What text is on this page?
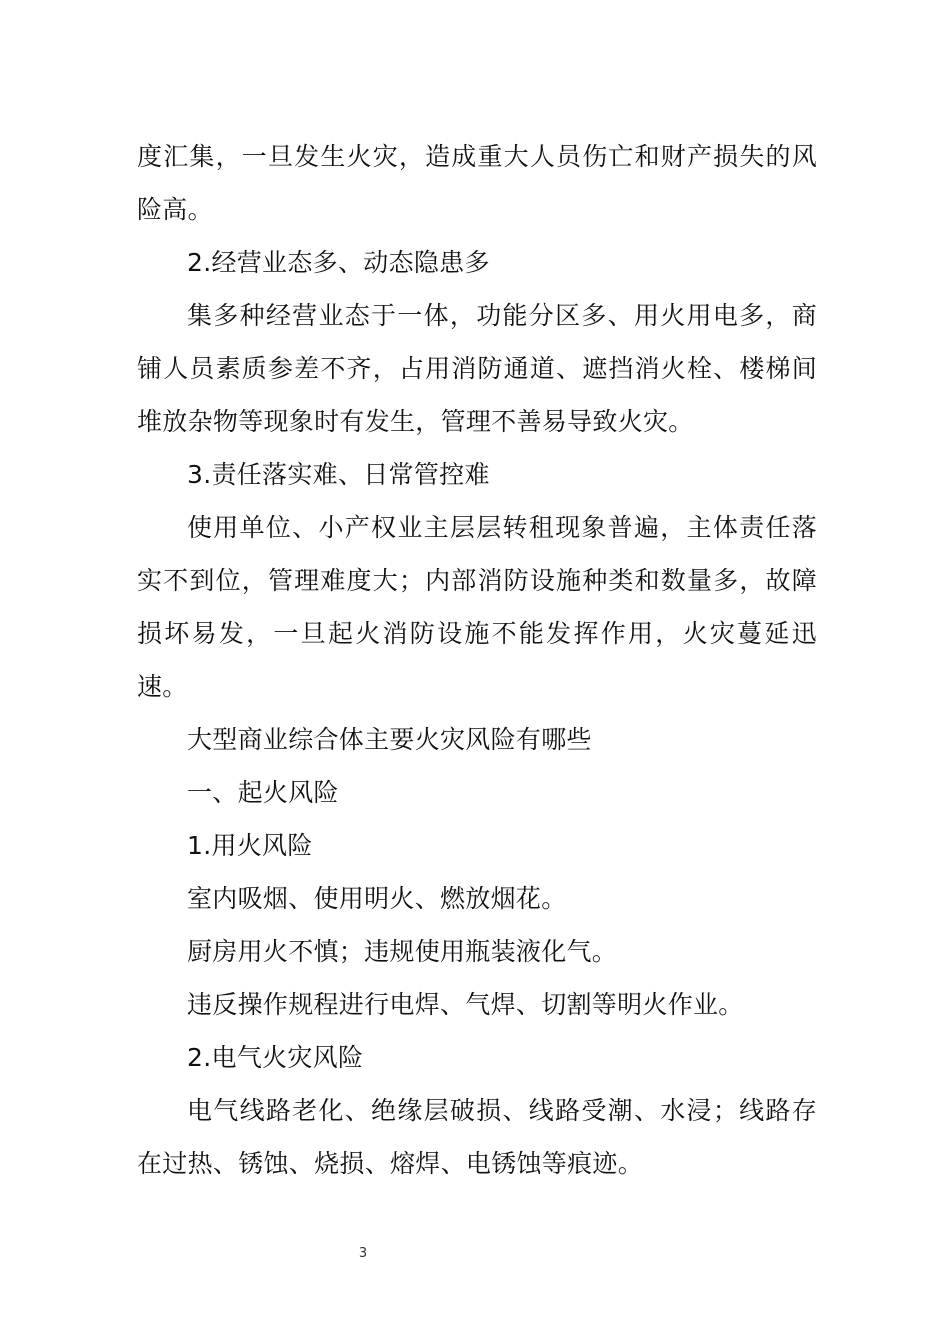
度汇集，一旦发生火灾，造成重大人员伤亡和财产损失的风
险高。
2.经营业态多、动态隐患多
集多种经营业态于一体，功能分区多、用火用电多，商
铺人员素质参差不齐，占用消防通道、遮挡消火栓、楼梯间
堆放杂物等现象时有发生，管理不善易导致火灾。
3.责任落实难、日常管控难
使用单位、小产权业主层层转租现象普遍，主体责任落
实不到位，管理难度大；内部消防设施种类和数量多，故障
损坏易发，一旦起火消防设施不能发挥作用，火灾蔓延迅
速。
大型商业综合体主要火灾风险有哪些
一、起火风险
1.用火风险
室内吸烟、使用明火、燃放烟花。
厨房用火不慎；违规使用瓶装液化气。
违反操作规程进行电焊、气焊、切割等明火作业。
2.电气火灾风险
电气线路老化、绝缘层破损、线路受潮、水浸；线路存
在过热、锈蚀、烧损、熔焊、电锈蚀等痕迹。
3
